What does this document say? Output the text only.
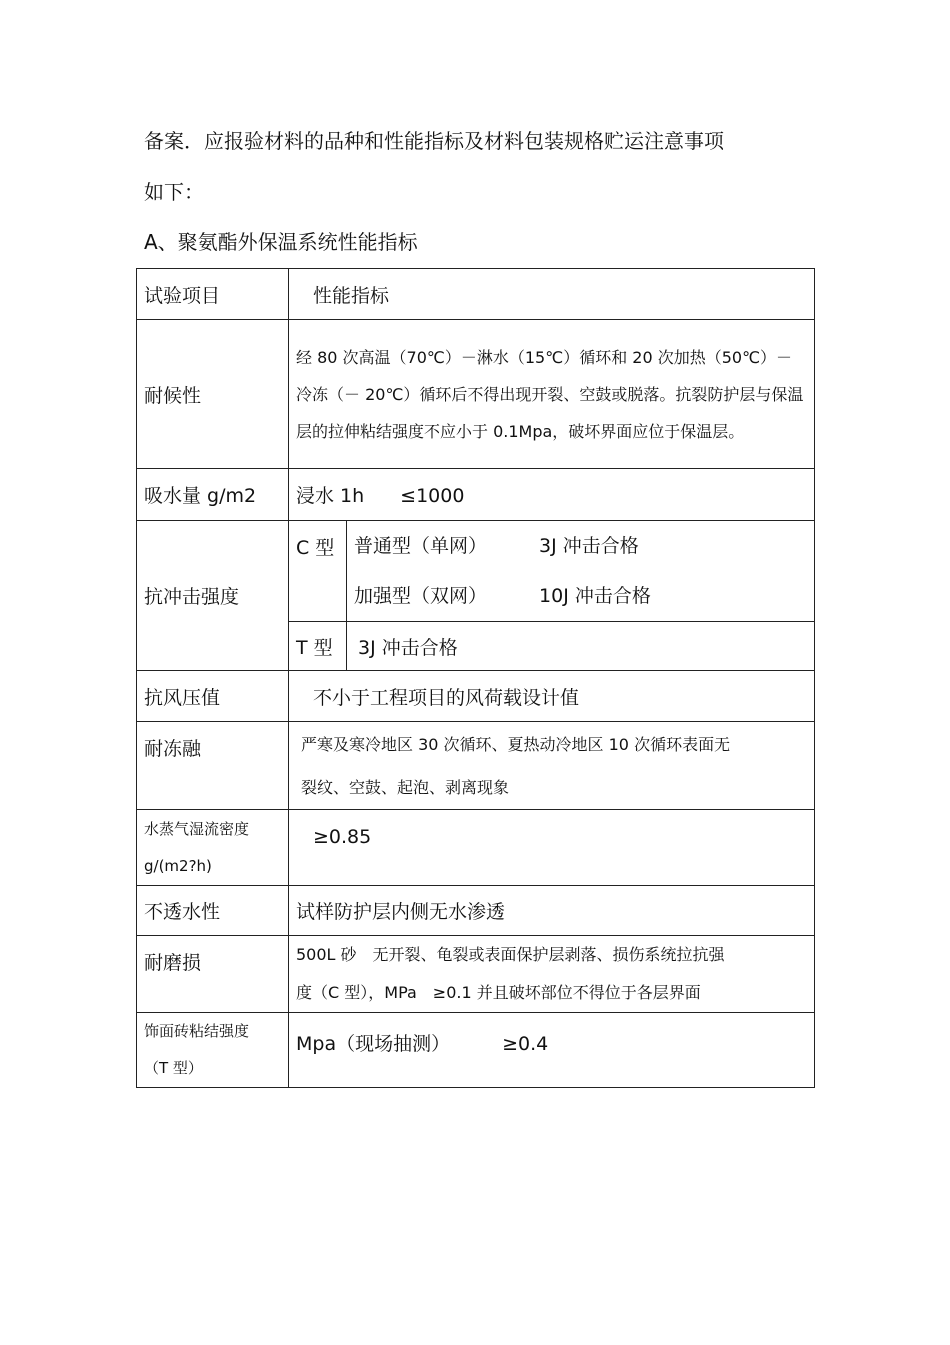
备案．应报验材料的品种和性能指标及材料包装规格贮运注意事项
如下：
A、聚氨酯外保温系统性能指标
试验项目	性能指标	
耐候性	经 80 次高温（70℃）－淋水（15℃）循环和 20 次加热（50℃）－冷冻（－ 20℃）循环后不得出现开裂、空鼓或脱落。抗裂防护层与保温层的拉伸粘结强度不应小于 0.1Mpa，破坏界面应位于保温层。	
吸水量 g/m2	浸水 1h ≤1000	
抗冲击强度	C 型	普通型（单网） 3J 冲击合格
加强型（双网） 10J 冲击合格

	T 型	3J 冲击合格
抗风压值	不小于工程项目的风荷载设计值	
耐冻融	严寒及寒冷地区 30 次循环、夏热动冷地区 10 次循环表面无
裂纹、空鼓、起泡、剥离现象	

水蒸气湿流密度
g/(m2?h)	≥0.85	
不透水性	试样防护层内侧无水渗透	
耐磨损	500L 砂　无开裂、龟裂或表面保护层剥落、损伤系统拉抗强
度（C 型），MPa　≥0.1 并且破坏部位不得位于各层界面	

饰面砖粘结强度
（T 型）	Mpa（现场抽测） ≥0.4	
